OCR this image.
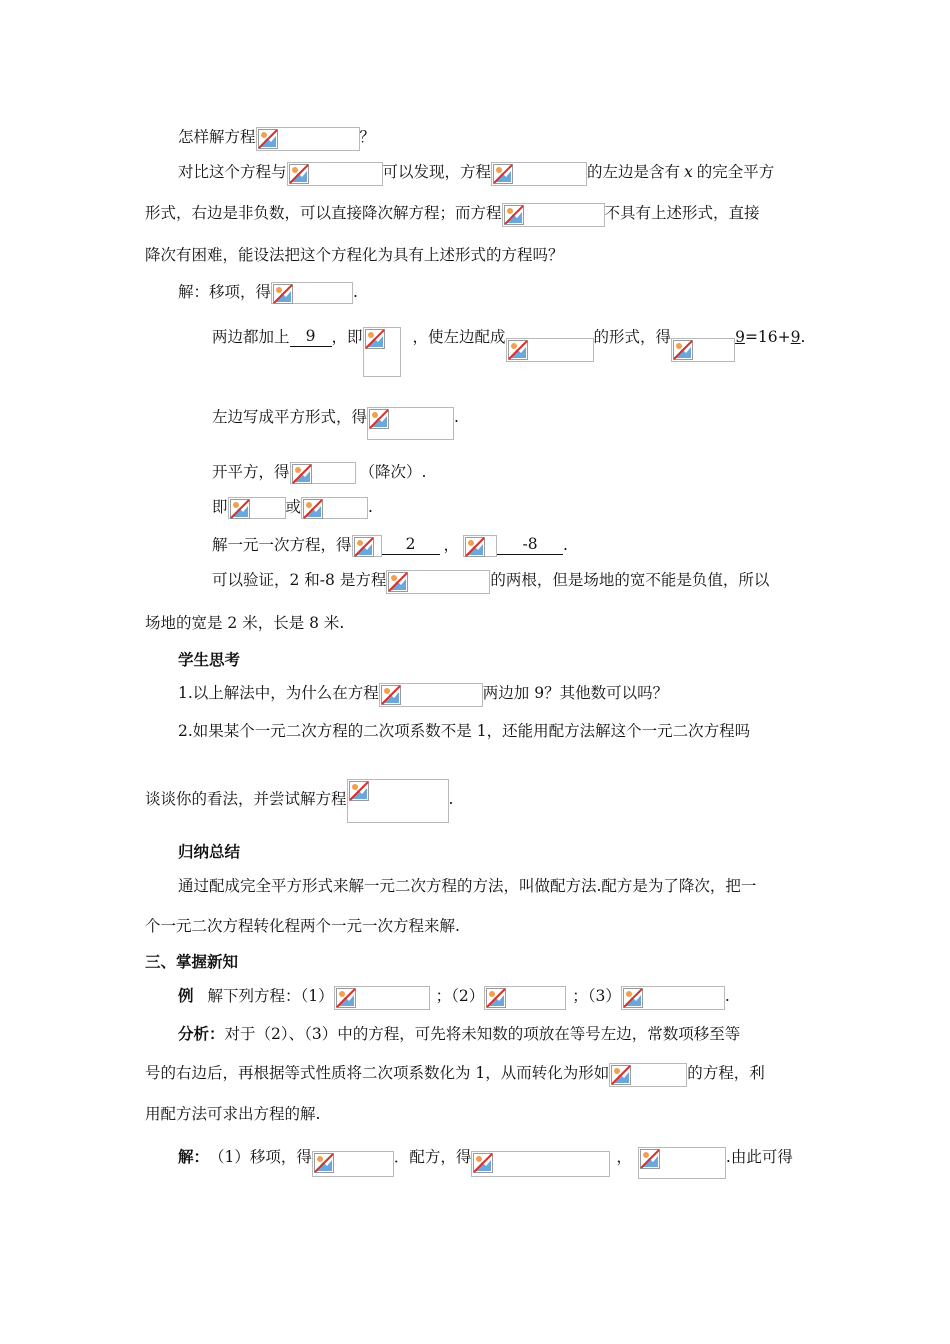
怎样解方程	？
对比这个方程与	可以发现，方程	的左边是含有 x 的完全平方
形式，右边是非负数，可以直接降次解方程；而方程	不具有上述形式，直接
降次有困难，能设法把这个方程化为具有上述形式的方程吗？
解：移项，得	.
两边都加上	9	，即	，使左边配成	的形式，得	9 =16+ 9 .
左边写成平方形式，得	.
开平方，得	（降次）.
即	或	.
解一元一次方程，得	2	，	-8	.
可以验证，2 和-8 是方程	的两根，但是场地的宽不能是负值，所以
场地的宽是 2 米，长是 8 米.
学生思考
1.以上解法中，为什么在方程	两边加 9？其他数可以吗？
2.如果某个一元二次方程的二次项系数不是 1，还能用配方法解这个一元二次方程吗
谈谈你的看法，并尝试解方程	.
归纳总结
通过配成完全平方形式来解一元二次方程的方法，叫做配方法.配方是为了降次，把一
个一元二次方程转化程两个一元一次方程来解.
三、掌握新知
例 解下列方程：（1）	；（2）	；（3）	.
分析： 对于（2）、（3）中的方程，可先将未知数的项放在等号左边，常数项移至等
号的右边后，再根据等式性质将二次项系数化为 1，从而转化为形如	的方程，利
用配方法可求出方程的解.
解： （1）移项，得	．配方，得	，	.由此可得
